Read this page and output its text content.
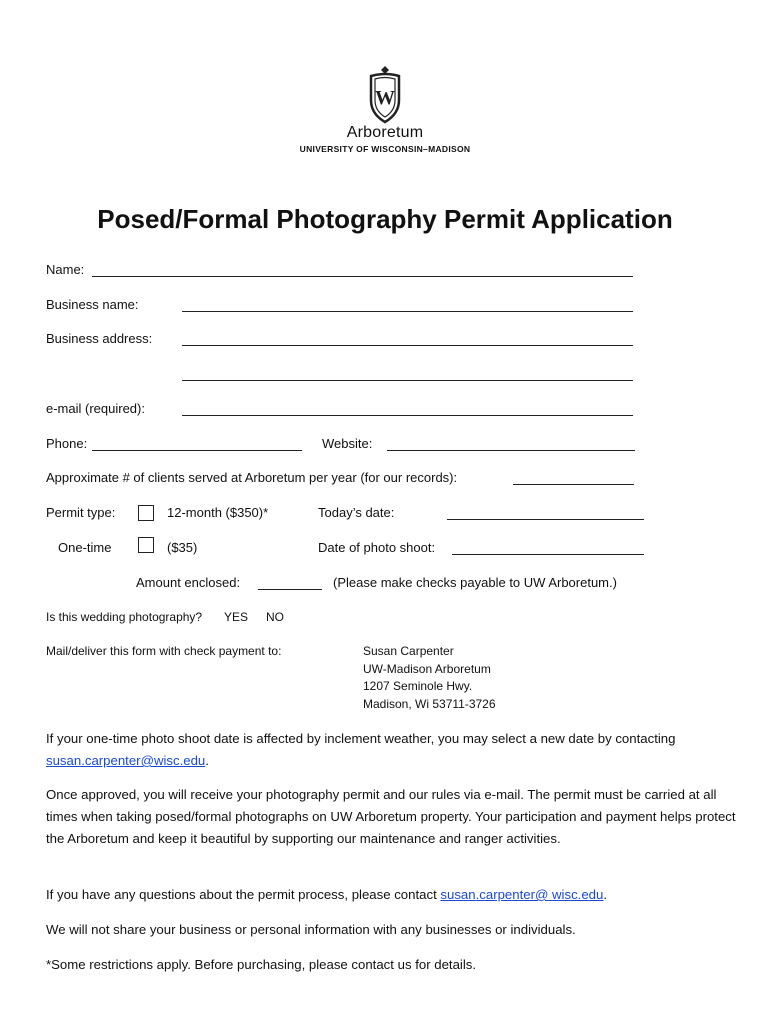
W
Arboretum
UNIVERSITY OF WISCONSIN–MADISON
Posed/Formal Photography Permit Application
Name:
Business name:
Business address:
e-mail (required):
Phone:	Website:
Approximate # of clients served at Arboretum per year (for our records):
Permit type:	12-month ($350)*	Today’s date:
One-time	($35)	Date of photo shoot:
Amount enclosed:	(Please make checks payable to UW Arboretum.)
Is this wedding photography? YES NO
Mail/deliver this form with check payment to:	Susan Carpenter
UW-Madison Arboretum
1207 Seminole Hwy.
Madison, Wi 53711-3726
If your one-time photo shoot date is affected by inclement weather, you may select a new date by contacting susan.carpenter@wisc.edu.
Once approved, you will receive your photography permit and our rules via e-mail. The permit must be carried at all times when taking posed/formal photographs on UW Arboretum property. Your participation and payment helps protect the Arboretum and keep it beautiful by supporting our maintenance and ranger activities.
If you have any questions about the permit process, please contact susan.carpenter@ wisc.edu.
We will not share your business or personal information with any businesses or individuals.
*Some restrictions apply. Before purchasing, please contact us for details.
